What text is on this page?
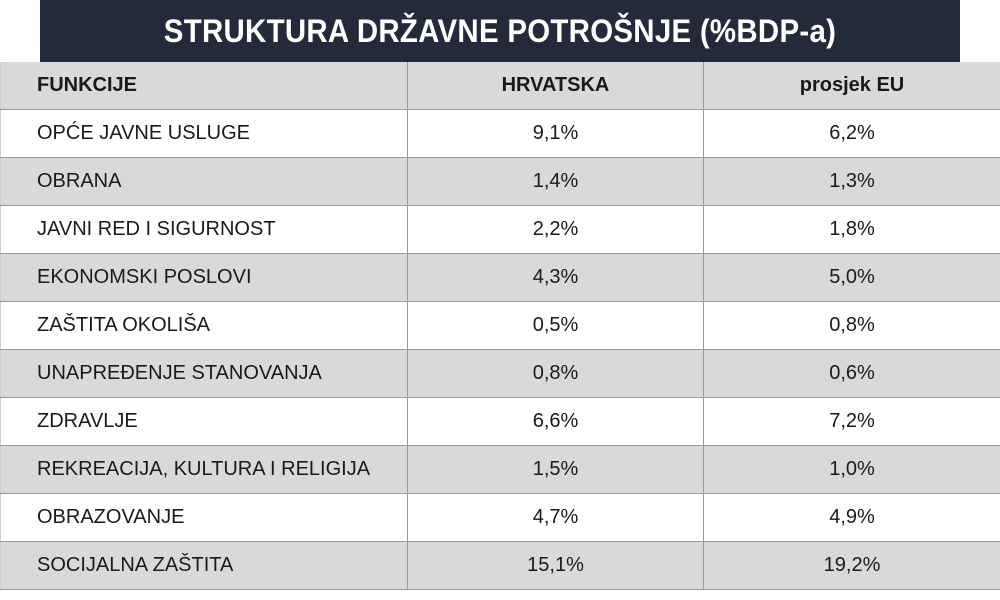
STRUKTURA DRŽAVNE POTROŠNJE (%BDP-a)
FUNKCIJE	HRVATSKA	prosjek EU
OPĆE JAVNE USLUGE	9,1%	6,2%
OBRANA	1,4%	1,3%
JAVNI RED I SIGURNOST	2,2%	1,8%
EKONOMSKI POSLOVI	4,3%	5,0%
ZAŠTITA OKOLIŠA	0,5%	0,8%
UNAPREĐENJE STANOVANJA	0,8%	0,6%
ZDRAVLJE	6,6%	7,2%
REKREACIJA, KULTURA I RELIGIJA	1,5%	1,0%
OBRAZOVANJE	4,7%	4,9%
SOCIJALNA ZAŠTITA	15,1%	19,2%
